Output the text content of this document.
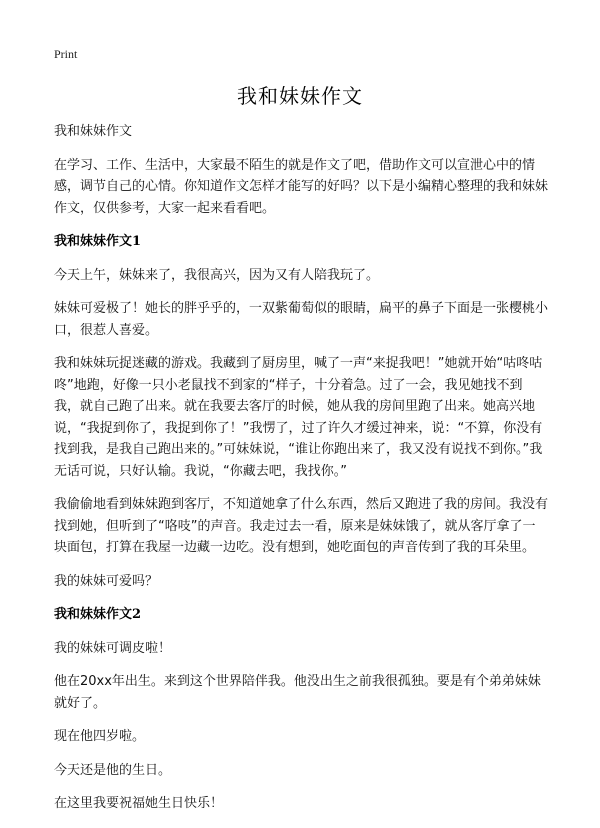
Print
我和妹妹作文

我和妹妹作文

在学习、工作、生活中，大家最不陌生的就是作文了吧，借助作文可以宣泄心中的情感，调节自己的心情。你知道作文怎样才能写的好吗？以下是小编精心整理的我和妹妹作文，仅供参考，大家一起来看看吧。

我和妹妹作文1

今天上午，妹妹来了，我很高兴，因为又有人陪我玩了。

妹妹可爱极了！她长的胖乎乎的，一双紫葡萄似的眼睛，扁平的鼻子下面是一张樱桃小口，很惹人喜爱。

我和妹妹玩捉迷藏的游戏。我藏到了厨房里，喊了一声“来捉我吧！”她就开始“咕咚咕咚”地跑，好像一只小老鼠找不到家的“样子，十分着急。过了一会，我见她找不到我，就自己跑了出来。就在我要去客厅的时候，她从我的房间里跑了出来。她高兴地说，“我捉到你了，我捉到你了！”我愣了，过了许久才缓过神来，说：“不算，你没有找到我，是我自己跑出来的。”可妹妹说，“谁让你跑出来了，我又没有说找不到你。”我无话可说，只好认输。我说，“你藏去吧，我找你。”

我偷偷地看到妹妹跑到客厅，不知道她拿了什么东西，然后又跑进了我的房间。我没有找到她，但听到了“咯吱”的声音。我走过去一看，原来是妹妹饿了，就从客厅拿了一块面包，打算在我屋一边藏一边吃。没有想到，她吃面包的声音传到了我的耳朵里。

我的妹妹可爱吗？

我和妹妹作文2

我的妹妹可调皮啦！

他在20xx年出生。来到这个世界陪伴我。他没出生之前我很孤独。要是有个弟弟妹妹就好了。

现在他四岁啦。

今天还是他的生日。

在这里我要祝福她生日快乐！
